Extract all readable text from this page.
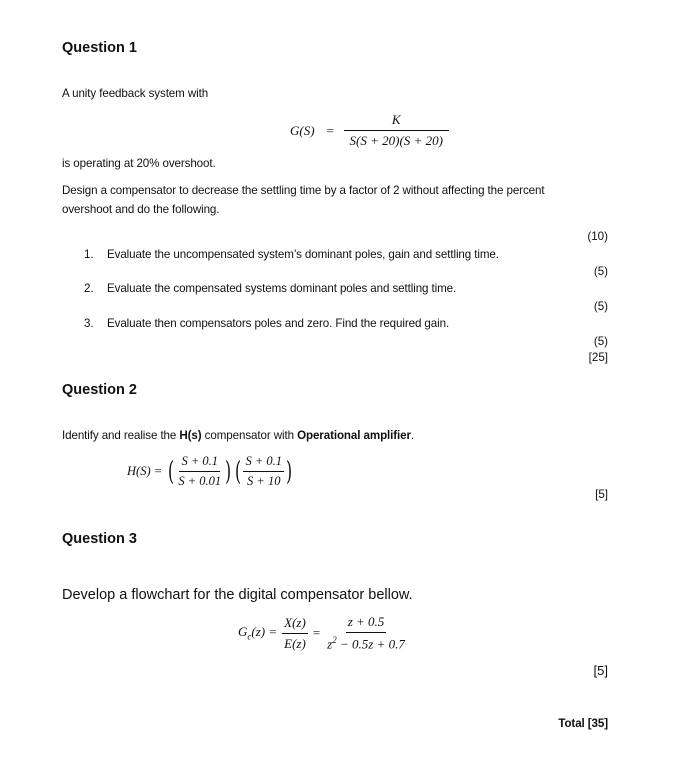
Question 1
A unity feedback system with
$G(S) = \frac{K}{S(S + 20)(S + 20)}$
is operating at 20% overshoot.
Design a compensator to decrease the settling time by a factor of 2 without affecting the percent
overshoot and do the following.
(10)
1. Evaluate the uncompensated system’s dominant poles, gain and settling time.
(5)
2. Evaluate the compensated systems dominant poles and settling time.
(5)
3. Evaluate then compensators poles and zero. Find the required gain.
(5)
[25]
Question 2
Identify and realise the H(s) compensator with Operational amplifier.
H(S) = ( $\frac{S + 0.1}{S + 0.01}$ ) ( $\frac{S + 0.1}{S + 10}$ )
[5]
Question 3
Develop a flowchart for the digital compensator bellow.
$G_c(z) = \frac{X(z)}{E(z)} = \frac{z + 0.5}{z^2 - 0.5z + 0.7}$
[5]
Total [35]
